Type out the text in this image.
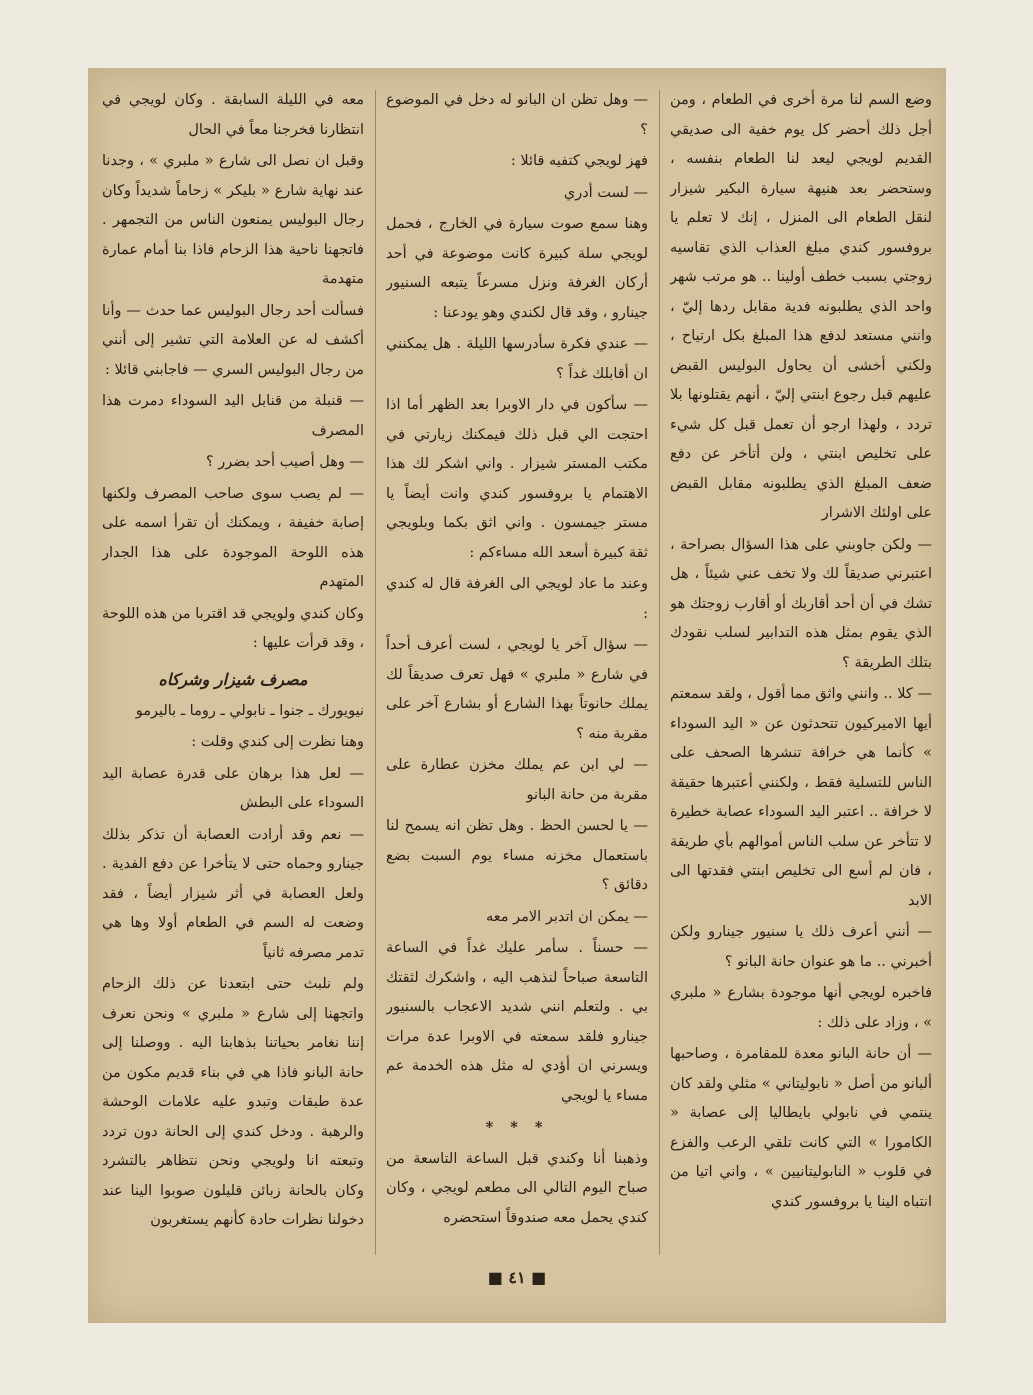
وضع السم لنا مرة أخرى في الطعام ، ومن أجل ذلك أحضر كل يوم خفية الى صديقي القديم لويجي ليعد لنا الطعام بنفسه ، وستحضر بعد هنيهة سيارة البكير شيزار لنقل الطعام الى المنزل ، إنك لا تعلم يا بروفسور كندي مبلغ العذاب الذي تقاسيه زوجتي بسبب خطف أولينا .. هو مرتب شهر واحد الذي يطلبونه فدية مقابل ردها إليّ ، وانني مستعد لدفع هذا المبلغ بكل ارتياح ، ولكني أخشى أن يحاول البوليس القبض عليهم قبل رجوع ابنتي إليّ ، أنهم يقتلونها بلا تردد ، ولهذا ارجو أن تعمل قبل كل شيء على تخليص ابنتي ، ولن أتأخر عن دفع ضعف المبلغ الذي يطلبونه مقابل القبض على اولئك الاشرار

— ولكن جاوبني على هذا السؤال بصراحة ، اعتبرني صديقاً لك ولا تخف عني شيئاً ، هل تشك في أن أحد أقاربك أو أقارب زوجتك هو الذي يقوم بمثل هذه التدابير لسلب نقودك بتلك الطريقة ؟

— كلا .. وانني واثق مما أقول ، ولقد سمعتم أيها الاميركيون تتحدثون عن « اليد السوداء » كأنما هي خرافة تنشرها الصحف على الناس للتسلية فقط ، ولكنني أعتبرها حقيقة لا خرافة .. اعتبر اليد السوداء عصابة خطيرة لا تتأخر عن سلب الناس أموالهم بأي طريقة ، فان لم أسع الى تخليص ابنتي فقدتها الى الابد

— أنني أعرف ذلك يا سنيور جينارو ولكن أخبرني .. ما هو عنوان حانة البانو ؟

فاخبره لويجي أنها موجودة بشارع « ملبري » ، وزاد على ذلك :

— أن حانة البانو معدة للمقامرة ، وصاحبها ألبانو من أصل « نابوليتاني » مثلي ولقد كان ينتمي في نابولي بايطاليا إلى عصابة « الكامورا » التي كانت تلقي الرعب والفزع في قلوب « النابوليتانيين » ، واني اتيا من انتباه الينا يا بروفسور كندي

— وهل تظن ان البانو له دخل في الموضوع ؟

فهز لويجي كتفيه قائلا :

— لست أدري

وهنا سمع صوت سيارة في الخارج ، فحمل لويجي سلة كبيرة كانت موضوعة في أحد أركان الغرفة ونزل مسرعاً يتبعه السنيور جينارو ، وقد قال لكندي وهو يودعنا :

— عندي فكرة سأدرسها الليلة . هل يمكنني ان أقابلك غداً ؟

— سأكون في دار الاوبرا بعد الظهر أما اذا احتجت الي قبل ذلك فيمكنك زيارتي في مكتب المستر شيزار . واني اشكر لك هذا الاهتمام يا بروفسور كندي وانت أيضاً يا مستر جيمسون . واني اثق بكما وبلويجي ثقة كبيرة أسعد الله مساءكم :

وعند ما عاد لويجي الى الغرفة قال له كندي :

— سؤال آخر يا لويجي ، لست أعرف أحداً في شارع « ملبري » فهل تعرف صديقاً لك يملك حانوتاً بهذا الشارع أو بشارع آخر على مقربة منه ؟

— لي ابن عم يملك مخزن عطارة على مقربة من حانة البانو

— يا لحسن الحظ . وهل تظن انه يسمح لنا باستعمال مخزنه مساء يوم السبت بضع دقائق ؟

— يمكن ان اتدبر الامر معه

— حسناً . سأمر عليك غداً في الساعة التاسعة صباحاً لنذهب اليه ، واشكرك لثقتك بي . ولتعلم انني شديد الاعجاب بالسنيور جينارو فلقد سمعته في الاوبرا عدة مرات ويسرني ان أؤدي له مثل هذه الخدمة عم مساء يا لويجي

* * *

وذهبنا أنا وكندي قبل الساعة التاسعة من صباح اليوم التالي الى مطعم لويجي ، وكان كندي يحمل معه صندوقاً استحضره

معه في الليلة السابقة . وكان لويجي في انتظارنا فخرجنا معاً في الحال

وقبل ان نصل الى شارع « ملبري » ، وجدنا عند نهاية شارع « بليكر » زحاماً شديداً وكان رجال البوليس يمنعون الناس من التجمهر . فاتجهنا ناحية هذا الزحام فاذا بنا أمام عمارة متهدمة

فسألت أحد رجال البوليس عما حدث — وأنا أكشف له عن العلامة التي تشير إلى أنني من رجال البوليس السري — فاجابني قائلا :

— قنبلة من قنابل اليد السوداء دمرت هذا المصرف

— وهل أصيب أحد بضرر ؟

— لم يصب سوى صاحب المصرف ولكنها إصابة خفيفة ، ويمكنك أن تقرأ اسمه على هذه اللوحة الموجودة على هذا الجدار المتهدم

وكان كندي ولويجي قد اقتربا من هذه اللوحة ، وقد قرأت عليها :

مصرف شيزار وشركاه

نيويورك ـ جنوا ـ نابولي ـ روما ـ باليرمو

وهنا نظرت إلى كندي وقلت :

— لعل هذا برهان على قدرة عصابة اليد السوداء على البطش

— نعم وقد أرادت العصابة أن تذكر بذلك جينارو وحماه حتى لا يتأخرا عن دفع الفدية . ولعل العصابة في أثر شيزار أيضاً ، فقد وضعت له السم في الطعام أولا وها هي تدمر مصرفه ثانياً

ولم نلبث حتى ابتعدنا عن ذلك الزحام واتجهنا إلى شارع « ملبري » ونحن نعرف إننا نغامر بحياتنا بذهابنا اليه . ووصلنا إلى حانة البانو فاذا هي في بناء قديم مكون من عدة طبقات وتبدو عليه علامات الوحشة والرهبة . ودخل كندي إلى الحانة دون تردد وتبعته انا ولويجي ونحن نتظاهر بالتشرد وكان بالحانة زبائن قليلون صوبوا الينا عند دخولنا نظرات حادة كأنهم يستغربون

■ ٤١ ■
